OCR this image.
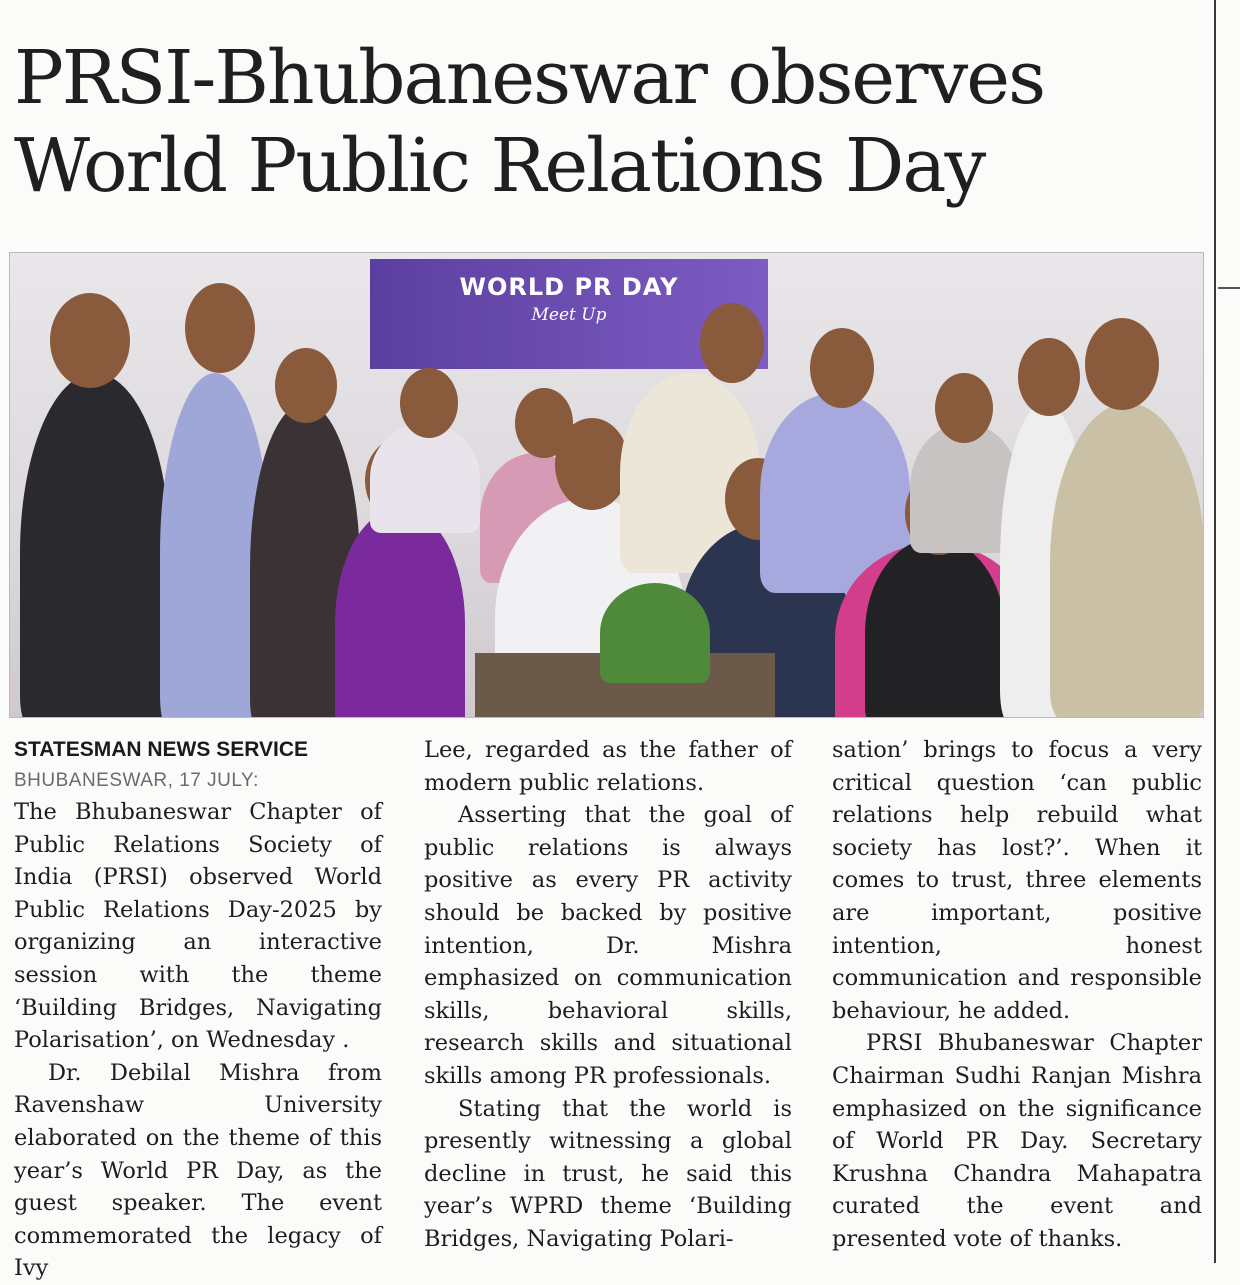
PRSI-Bhubaneswar observes
World Public Relations Day
WORLD PR DAY
Meet Up
STATESMAN NEWS SERVICE
BHUBANESWAR, 17 JULY:

The Bhubaneswar Chapter of Public Relations Society of India (PRSI) observed World Public Relations Day-2025 by organizing an interactive session with the theme ‘Building Bridges, Navigating Polarisation’, on Wednesday .

Dr. Debilal Mishra from Ravenshaw University elaborated on the theme of this year’s World PR Day, as the guest speaker. The event commemorated the legacy of Ivy

Lee, regarded as the father of modern public relations.

Asserting that the goal of public relations is always positive as every PR activity should be backed by positive intention, Dr. Mishra emphasized on communication skills, behavioral skills, research skills and situational skills among PR professionals.

Stating that the world is presently witnessing a global decline in trust, he said this year’s WPRD theme ‘Building Bridges, Navigating Polari-

sation’ brings to focus a very critical question ‘can public relations help rebuild what society has lost?’. When it comes to trust, three elements are important, positive intention, honest communication and responsible behaviour, he added.

PRSI Bhubaneswar Chapter Chairman Sudhi Ranjan Mishra emphasized on the significance of World PR Day. Secretary Krushna Chandra Mahapatra curated the event and presented vote of thanks.
